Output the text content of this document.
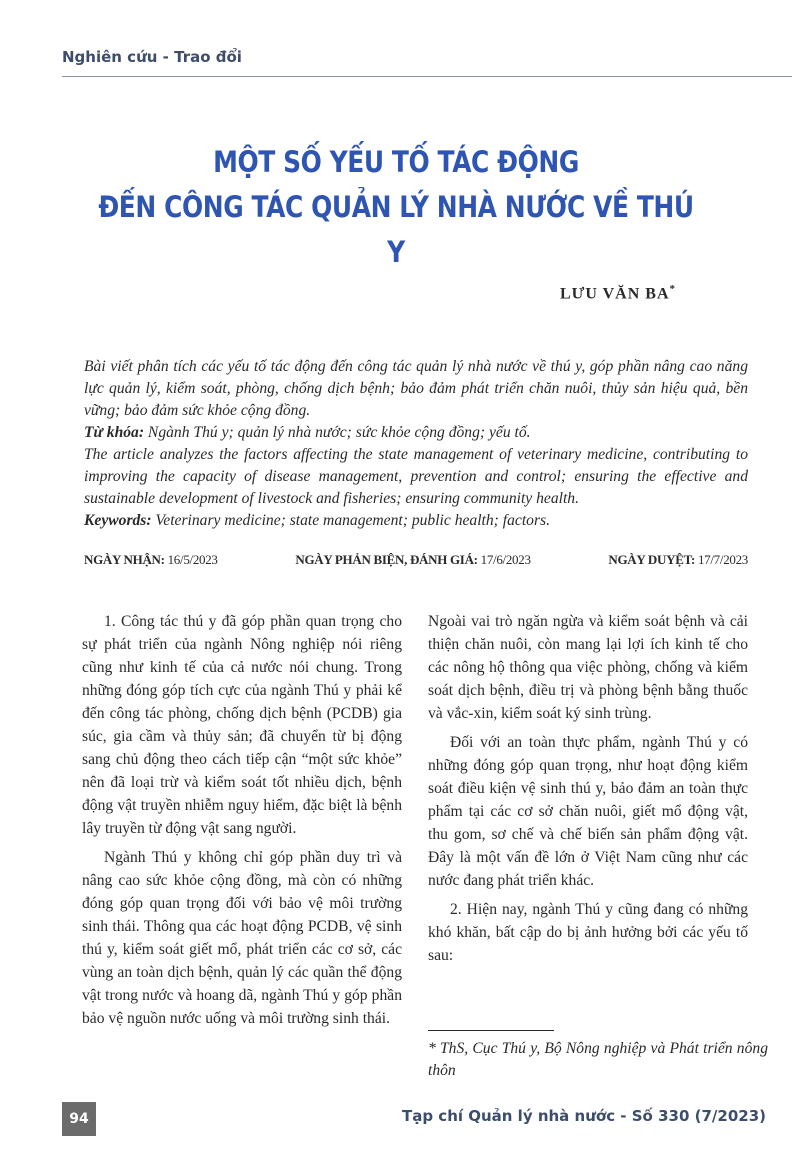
Nghiên cứu - Trao đổi
MỘT SỐ YẾU TỐ TÁC ĐỘNG
ĐẾN CÔNG TÁC QUẢN LÝ NHÀ NƯỚC VỀ THÚ Y
LƯU VĂN BA*

Bài viết phân tích các yếu tố tác động đến công tác quản lý nhà nước về thú y, góp phần nâng cao năng lực quản lý, kiểm soát, phòng, chống dịch bệnh; bảo đảm phát triển chăn nuôi, thủy sản hiệu quả, bền vững; bảo đảm sức khỏe cộng đồng.

Từ khóa: Ngành Thú y; quản lý nhà nước; sức khỏe cộng đồng; yếu tố.

The article analyzes the factors affecting the state management of veterinary medicine, contributing to improving the capacity of disease management, prevention and control; ensuring the effective and sustainable development of livestock and fisheries; ensuring community health.

Keywords: Veterinary medicine; state management; public health; factors.

NGÀY NHẬN: 16/5/2023	NGÀY PHẢN BIỆN, ĐÁNH GIÁ: 17/6/2023	NGÀY DUYỆT: 17/7/2023

1. Công tác thú y đã góp phần quan trọng cho sự phát triển của ngành Nông nghiệp nói riêng cũng như kinh tế của cả nước nói chung. Trong những đóng góp tích cực của ngành Thú y phải kể đến công tác phòng, chống dịch bệnh (PCDB) gia súc, gia cầm và thủy sản; đã chuyển từ bị động sang chủ động theo cách tiếp cận “một sức khỏe” nên đã loại trừ và kiểm soát tốt nhiều dịch, bệnh động vật truyền nhiễm nguy hiểm, đặc biệt là bệnh lây truyền từ động vật sang người.

Ngành Thú y không chỉ góp phần duy trì và nâng cao sức khỏe cộng đồng, mà còn có những đóng góp quan trọng đối với bảo vệ môi trường sinh thái. Thông qua các hoạt động PCDB, vệ sinh thú y, kiểm soát giết mổ, phát triển các cơ sở, các vùng an toàn dịch bệnh, quản lý các quần thể động vật trong nước và hoang dã, ngành Thú y góp phần bảo vệ nguồn nước uống và môi trường sinh thái.

Ngoài vai trò ngăn ngừa và kiểm soát bệnh và cải thiện chăn nuôi, còn mang lại lợi ích kinh tế cho các nông hộ thông qua việc phòng, chống và kiểm soát dịch bệnh, điều trị và phòng bệnh bằng thuốc và vắc-xin, kiểm soát ký sinh trùng.

Đối với an toàn thực phẩm, ngành Thú y có những đóng góp quan trọng, như hoạt động kiểm soát điều kiện vệ sinh thú y, bảo đảm an toàn thực phẩm tại các cơ sở chăn nuôi, giết mổ động vật, thu gom, sơ chế và chế biến sản phẩm động vật. Đây là một vấn đề lớn ở Việt Nam cũng như các nước đang phát triển khác.

2. Hiện nay, ngành Thú y cũng đang có những khó khăn, bất cập do bị ảnh hưởng bởi các yếu tố sau:

* ThS, Cục Thú y, Bộ Nông nghiệp và Phát triển nông thôn
94	Tạp chí Quản lý nhà nước - Số 330 (7/2023)
